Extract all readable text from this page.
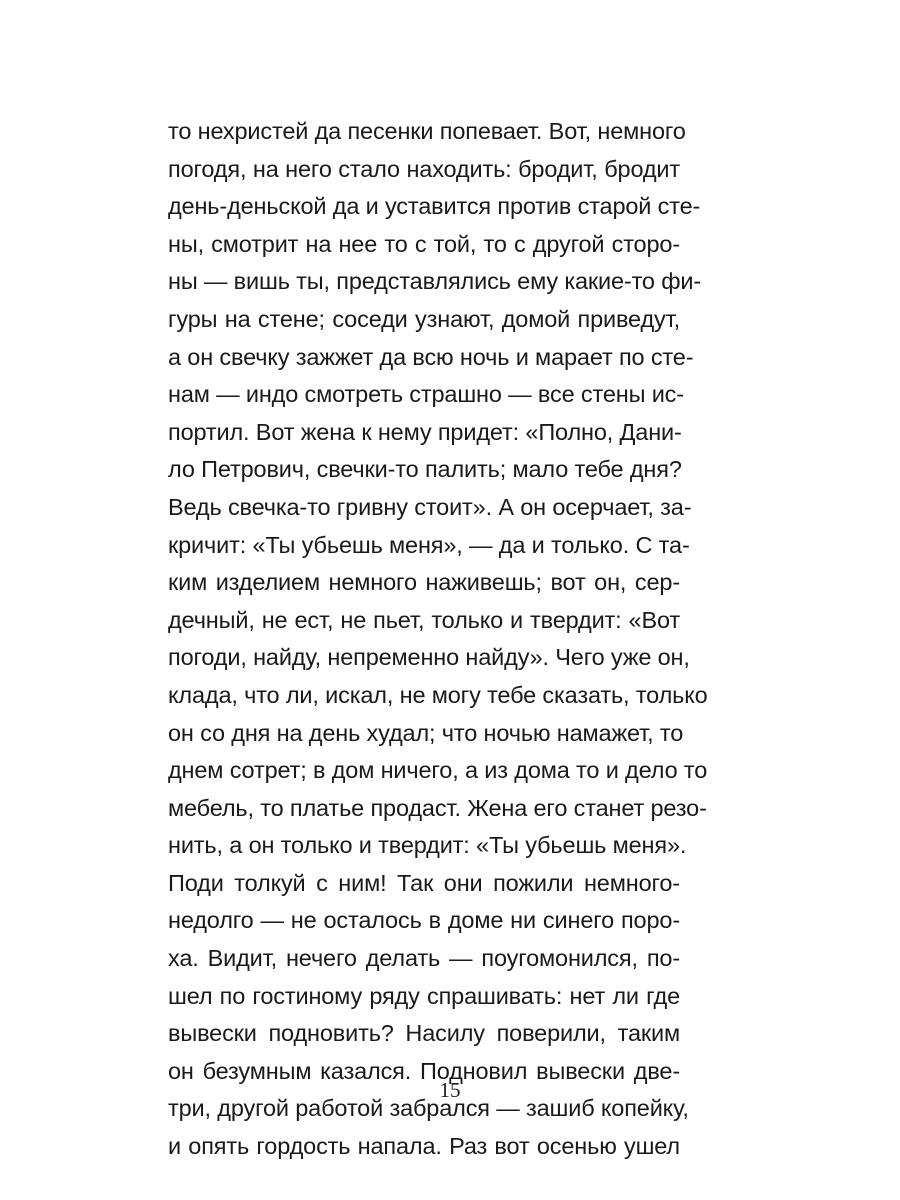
то нехристей да песенки попевает. Вот, немного
погодя, на него стало находить: бродит, бродит
день-деньской да и уставится против старой сте-
ны, смотрит на нее то с той, то с другой сторо-
ны — вишь ты, представлялись ему какие-то фи-
гуры на стене; соседи узнают, домой приведут,
а он свечку зажжет да всю ночь и марает по сте-
нам — индо смотреть страшно — все стены ис-
портил. Вот жена к нему придет: «Полно, Дани-
ло Петрович, свечки-то палить; мало тебе дня?
Ведь свечка-то гривну стоит». А он осерчает, за-
кричит: «Ты убьешь меня», — да и только. С та-
ким изделием немного наживешь; вот он, сер-
дечный, не ест, не пьет, только и твердит: «Вот
погоди, найду, непременно найду». Чего уже он,
клада, что ли, искал, не могу тебе сказать, только
он со дня на день худал; что ночью намажет, то
днем сотрет; в дом ничего, а из дома то и дело то
мебель, то платье продаст. Жена его станет резо-
нить, а он только и твердит: «Ты убьешь меня».
Поди толкуй с ним! Так они пожили немного-
недолго — не осталось в доме ни синего поро-
ха. Видит, нечего делать — поугомонился, по-
шел по гостиному ряду спрашивать: нет ли где
вывески подновить? Насилу поверили, таким
он безумным казался. Подновил вывески две-
три, другой работой забрался — зашиб копейку,
и опять гордость напала. Раз вот осенью ушел
15
